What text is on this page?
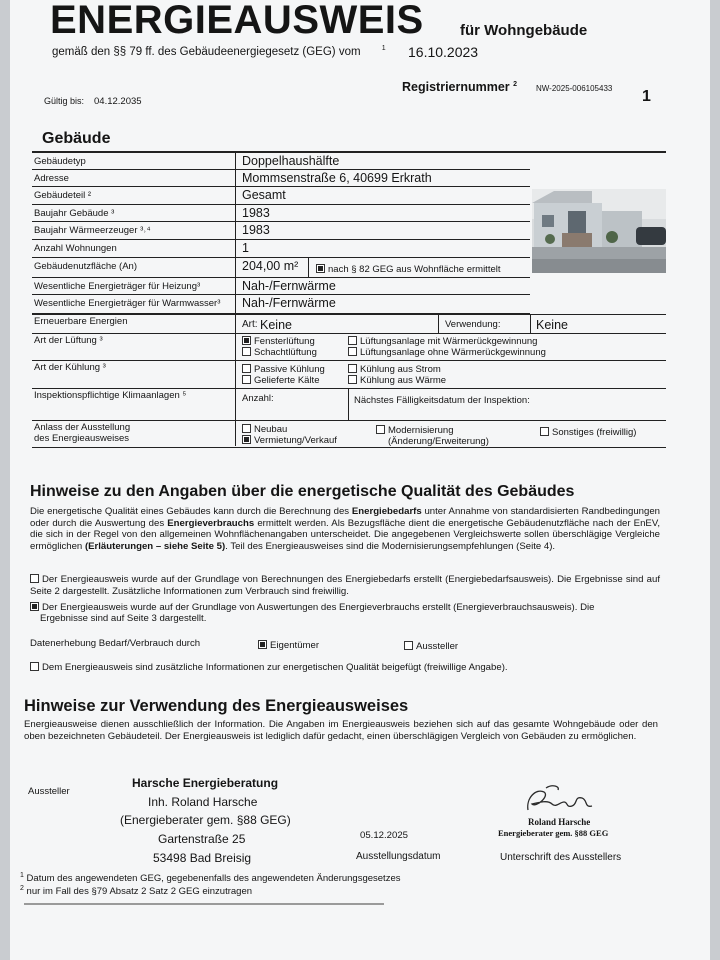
ENERGIEAUSWEIS für Wohngebäude
gemäß den §§ 79 ff. des Gebäudeenergiegesetz (GEG) vom	$^1$ 16.10.2023
Registriernummer $^2$ NW-2025-006105433 1
Gültig bis: 04.12.2035
Gebäude
Gebäudetyp	Doppelhaushälfte
Adresse	Mommsenstraße 6, 40699 Erkrath
Gebäudeteil ²	Gesamt
Baujahr Gebäude ³	1983
Baujahr Wärmeerzeuger ³˒⁴	1983
Anzahl Wohnungen	1
Gebäudenutzfläche (An)	204,00 m²
Wesentliche Energieträger für Heizung³	Nah-/Fernwärme
Wesentliche Energieträger für Warmwasser³ Nah-/Fernwärme
nach § 82 GEG aus Wohnfläche ermittelt
Erneuerbare Energien	Art: Keine	Verwendung:	Keine
Art der Lüftung ³	Fensterlüftung	Lüftungsanlage mit Wärmerückgewinnung
Schachtlüftung	Lüftungsanlage ohne Wärmerückgewinnung
Art der Kühlung ³	Passive Kühlung	Kühlung aus Strom
Gelieferte Kälte	Kühlung aus Wärme
Inspektionspflichtige Klimaanlagen ⁵	Anzahl:	Nächstes Fälligkeitsdatum der Inspektion:
Anlass der Ausstellung
des Energieausweises
Neubau
Vermietung/Verkauf
Modernisierung
(Änderung/Erweiterung)
Sonstiges (freiwillig)
Hinweise zu den Angaben über die energetische Qualität des Gebäudes
Die energetische Qualität eines Gebäudes kann durch die Berechnung des Energiebedarfs unter Annahme von standardisierten Randbedingungen oder durch die Auswertung des Energieverbrauchs ermittelt werden. Als Bezugsfläche dient die energetische Gebäudenutzfläche nach der EnEV, die sich in der Regel von den allgemeinen Wohnflächenangaben unterscheidet. Die angegebenen Vergleichswerte sollen überschlägige Vergleiche ermöglichen (Erläuterungen – siehe Seite 5). Teil des Energieausweises sind die Modernisierungsempfehlungen (Seite 4).
Der Energieausweis wurde auf der Grundlage von Berechnungen des Energiebedarfs erstellt (Energiebedarfsausweis). Die Ergebnisse sind auf Seite 2 dargestellt. Zusätzliche Informationen zum Verbrauch sind freiwillig.
Der Energieausweis wurde auf der Grundlage von Auswertungen des Energieverbrauchs erstellt (Energieverbrauchsausweis). Die
Ergebnisse sind auf Seite 3 dargestellt.
Datenerhebung Bedarf/Verbrauch durch	Eigentümer	Aussteller
Dem Energieausweis sind zusätzliche Informationen zur energetischen Qualität beigefügt (freiwillige Angabe).
Hinweise zur Verwendung des Energieausweises
Energieausweise dienen ausschließlich der Information. Die Angaben im Energieausweis beziehen sich auf das gesamte Wohngebäude oder den oben bezeichneten Gebäudeteil. Der Energieausweis ist lediglich dafür gedacht, einen überschlägigen Vergleich von Gebäuden zu ermöglichen.
Aussteller
Harsche Energieberatung
Inh. Roland Harsche
(Energieberater gem. §88 GEG)
Gartenstraße 25
53498 Bad Breisig
05.12.2025
Ausstellungsdatum
Roland Harsche
Energieberater gem. §88 GEG
Unterschrift des Ausstellers
$^1$ Datum des angewendeten GEG, gegebenenfalls des angewendeten Änderungsgesetzes
$^2$ nur im Fall des §79 Absatz 2 Satz 2 GEG einzutragen
